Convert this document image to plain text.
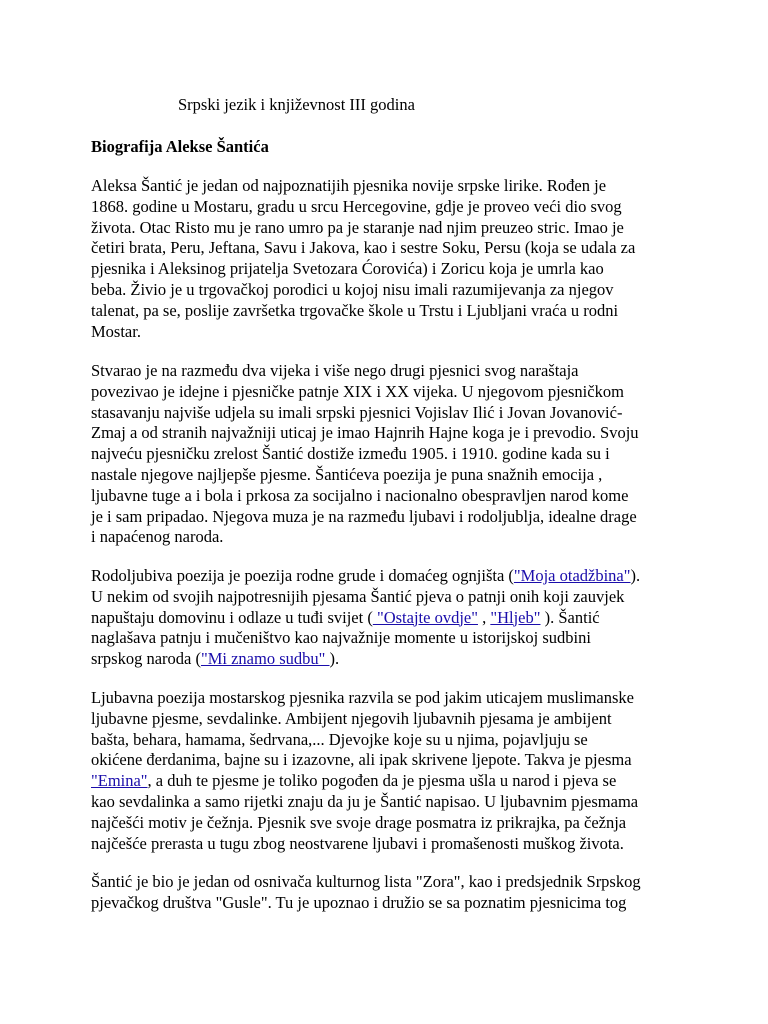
Srpski jezik i književnost III godina
Biografija Alekse Šantića

Aleksa Šantić je jedan od najpoznatijih pjesnika novije srpske lirike. Rođen je
1868. godine u Mostaru, gradu u srcu Hercegovine, gdje je proveo veći dio svog
života. Otac Risto mu je rano umro pa je staranje nad njim preuzeo stric. Imao je
četiri brata, Peru, Jeftana, Savu i Jakova, kao i sestre Soku, Persu (koja se udala za
pjesnika i Aleksinog prijatelja Svetozara Ćorovića) i Zoricu koja je umrla kao
beba. Živio je u trgovačkoj porodici u kojoj nisu imali razumijevanja za njegov
talenat, pa se, poslije završetka trgovačke škole u Trstu i Ljubljani vraća u rodni
Mostar.

Stvarao je na razmeđu dva vijeka i više nego drugi pjesnici svog naraštaja
povezivao je idejne i pjesničke patnje XIX i XX vijeka. U njegovom pjesničkom
stasavanju najviše udjela su imali srpski pjesnici Vojislav Ilić i Jovan Jovanović-
Zmaj a od stranih najvažniji uticaj je imao Hajnrih Hajne koga je i prevodio. Svoju
najveću pjesničku zrelost Šantić dostiže između 1905. i 1910. godine kada su i
nastale njegove najljepše pjesme. Šantićeva poezija je puna snažnih emocija ,
ljubavne tuge a i bola i prkosa za socijalno i nacionalno obespravljen narod kome
je i sam pripadao. Njegova muza je na razmeđu ljubavi i rodoljublja, idealne drage
i napaćenog naroda.

Rodoljubiva poezija je poezija rodne grude i domaćeg ognjišta ("Moja otadžbina").
U nekim od svojih najpotresnijih pjesama Šantić pjeva o patnji onih koji zauvjek
napuštaju domovinu i odlaze u tuđi svijet ( "Ostajte ovdje" , "Hljeb" ). Šantić
naglašava patnju i mučeništvo kao najvažnije momente u istorijskoj sudbini
srpskog naroda ("Mi znamo sudbu" ).

Ljubavna poezija mostarskog pjesnika razvila se pod jakim uticajem muslimanske
ljubavne pjesme, sevdalinke. Ambijent njegovih ljubavnih pjesama je ambijent
bašta, behara, hamama, šedrvana,... Djevojke koje su u njima, pojavljuju se
okićene đerdanima, bajne su i izazovne, ali ipak skrivene ljepote. Takva je pjesma
"Emina", a duh te pjesme je toliko pogođen da je pjesma ušla u narod i pjeva se
kao sevdalinka a samo rijetki znaju da ju je Šantić napisao. U ljubavnim pjesmama
najčešći motiv je čežnja. Pjesnik sve svoje drage posmatra iz prikrajka, pa čežnja
najčešće prerasta u tugu zbog neostvarene ljubavi i promašenosti muškog života.

Šantić je bio je jedan od osnivača kulturnog lista "Zora", kao i predsjednik Srpskog
pjevačkog društva "Gusle". Tu je upoznao i družio se sa poznatim pjesnicima tog
